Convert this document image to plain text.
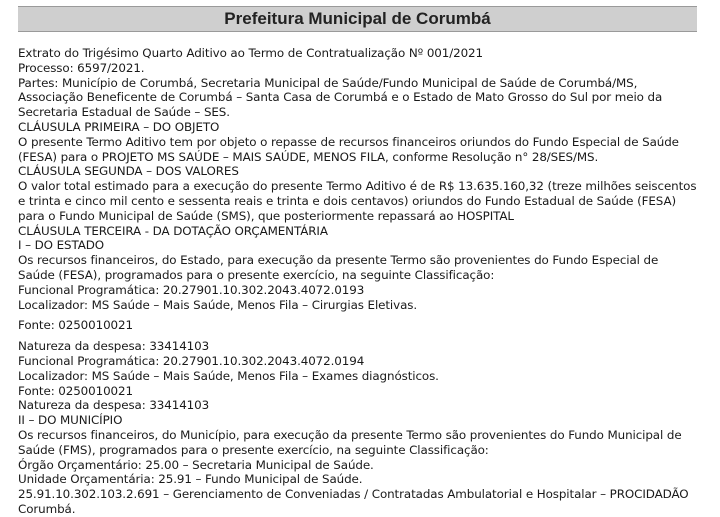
Prefeitura Municipal de Corumbá
Extrato do Trigésimo Quarto Aditivo ao Termo de Contratualização Nº 001/2021
Processo: 6597/2021.
Partes: Município de Corumbá, Secretaria Municipal de Saúde/Fundo Municipal de Saúde de Corumbá/MS,
Associação Beneficente de Corumbá – Santa Casa de Corumbá e o Estado de Mato Grosso do Sul por meio da
Secretaria Estadual de Saúde – SES.
CLÁUSULA PRIMEIRA – DO OBJETO
O presente Termo Aditivo tem por objeto o repasse de recursos financeiros oriundos do Fundo Especial de Saúde
(FESA) para o PROJETO MS SAÚDE – MAIS SAÚDE, MENOS FILA, conforme Resolução n° 28/SES/MS.
CLÁUSULA SEGUNDA – DOS VALORES
O valor total estimado para a execução do presente Termo Aditivo é de R$ 13.635.160,32 (treze milhões seiscentos
e trinta e cinco mil cento e sessenta reais e trinta e dois centavos) oriundos do Fundo Estadual de Saúde (FESA)
para o Fundo Municipal de Saúde (SMS), que posteriormente repassará ao HOSPITAL
CLÁUSULA TERCEIRA - DA DOTAÇÃO ORÇAMENTÁRIA
I – DO ESTADO
Os recursos financeiros, do Estado, para execução da presente Termo são provenientes do Fundo Especial de
Saúde (FESA), programados para o presente exercício, na seguinte Classificação:
Funcional Programática: 20.27901.10.302.2043.4072.0193
Localizador: MS Saúde – Mais Saúde, Menos Fila – Cirurgias Eletivas.
Fonte: 0250010021
Natureza da despesa: 33414103
Funcional Programática: 20.27901.10.302.2043.4072.0194
Localizador: MS Saúde – Mais Saúde, Menos Fila – Exames diagnósticos.
Fonte: 0250010021
Natureza da despesa: 33414103
II – DO MUNICÍPIO
Os recursos financeiros, do Município, para execução da presente Termo são provenientes do Fundo Municipal de
Saúde (FMS), programados para o presente exercício, na seguinte Classificação:
Órgão Orçamentário: 25.00 – Secretaria Municipal de Saúde.
Unidade Orçamentária: 25.91 – Fundo Municipal de Saúde.
25.91.10.302.103.2.691 – Gerenciamento de Conveniadas / Contratadas Ambulatorial e Hospitalar – PROCIDADÃO
Corumbá.
